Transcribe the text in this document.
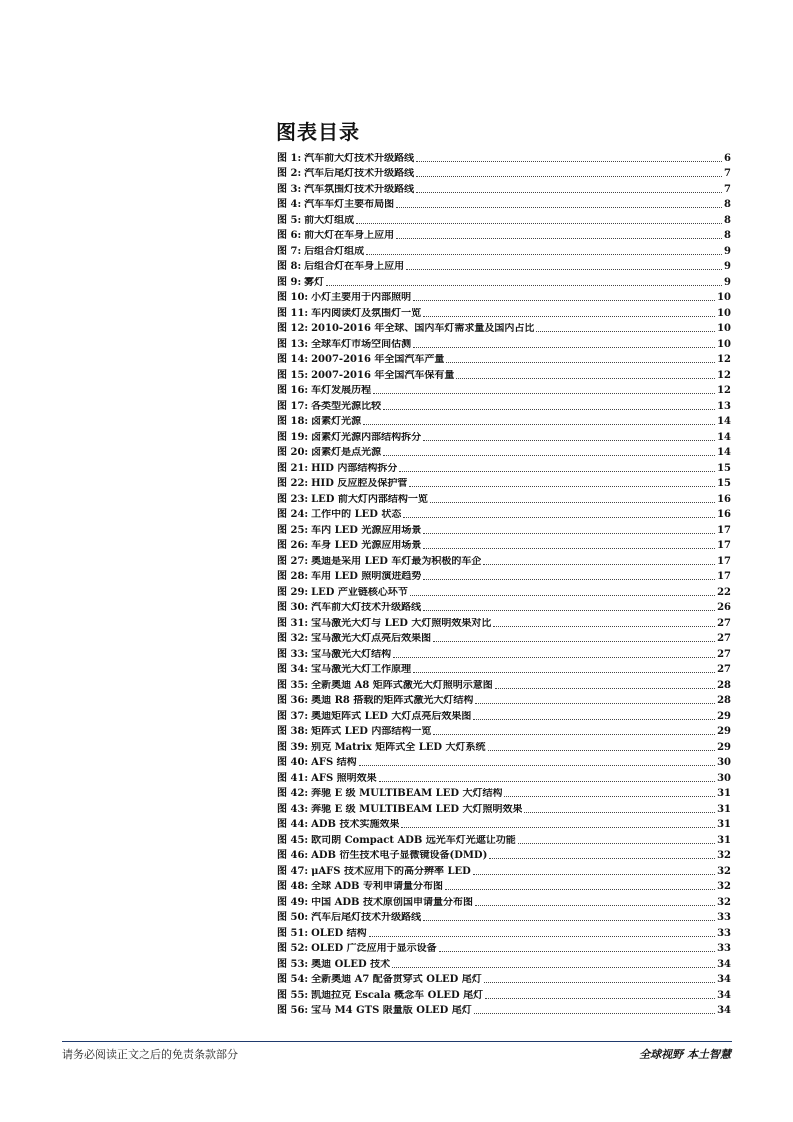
图表目录
图 1: 汽车前大灯技术升级路线	6
图 2: 汽车后尾灯技术升级路线	7
图 3: 汽车氛围灯技术升级路线	7
图 4: 汽车车灯主要布局图	8
图 5: 前大灯组成	8
图 6: 前大灯在车身上应用	8
图 7: 后组合灯组成	9
图 8: 后组合灯在车身上应用	9
图 9: 雾灯	9
图 10: 小灯主要用于内部照明	10
图 11: 车内阅读灯及氛围灯一览	10
图 12: 2010-2016 年全球、国内车灯需求量及国内占比	10
图 13: 全球车灯市场空间估测	10
图 14: 2007-2016 年全国汽车产量	12
图 15: 2007-2016 年全国汽车保有量	12
图 16: 车灯发展历程	12
图 17: 各类型光源比较	13
图 18: 卤素灯光源	14
图 19: 卤素灯光源内部结构拆分	14
图 20: 卤素灯是点光源	14
图 21: HID 内部结构拆分	15
图 22: HID 反应腔及保护管	15
图 23: LED 前大灯内部结构一览	16
图 24: 工作中的 LED 状态	16
图 25: 车内 LED 光源应用场景	17
图 26: 车身 LED 光源应用场景	17
图 27: 奥迪是采用 LED 车灯最为积极的车企	17
图 28: 车用 LED 照明演进趋势	17
图 29: LED 产业链核心环节	22
图 30: 汽车前大灯技术升级路线	26
图 31: 宝马激光大灯与 LED 大灯照明效果对比	27
图 32: 宝马激光大灯点亮后效果图	27
图 33: 宝马激光大灯结构	27
图 34: 宝马激光大灯工作原理	27
图 35: 全新奥迪 A8 矩阵式激光大灯照明示意图	28
图 36: 奥迪 R8 搭载的矩阵式激光大灯结构	28
图 37: 奥迪矩阵式 LED 大灯点亮后效果图	29
图 38: 矩阵式 LED 内部结构一览	29
图 39: 别克 Matrix 矩阵式全 LED 大灯系统	29
图 40: AFS 结构	30
图 41: AFS 照明效果	30
图 42: 奔驰 E 级 MULTIBEAM LED 大灯结构	31
图 43: 奔驰 E 级 MULTIBEAM LED 大灯照明效果	31
图 44: ADB 技术实施效果	31
图 45: 欧司朗 Compact ADB 远光车灯光遮让功能	31
图 46: ADB 衍生技术电子显微镜设备(DMD)	32
图 47: μAFS 技术应用下的高分辨率 LED	32
图 48: 全球 ADB 专利申请量分布图	32
图 49: 中国 ADB 技术原创国申请量分布图	32
图 50: 汽车后尾灯技术升级路线	33
图 51: OLED 结构	33
图 52: OLED 广泛应用于显示设备	33
图 53: 奥迪 OLED 技术	34
图 54: 全新奥迪 A7 配备贯穿式 OLED 尾灯	34
图 55: 凯迪拉克 Escala 概念车 OLED 尾灯	34
图 56: 宝马 M4 GTS 限量版 OLED 尾灯	34
请务必阅读正文之后的免责条款部分	全球视野 本土智慧
